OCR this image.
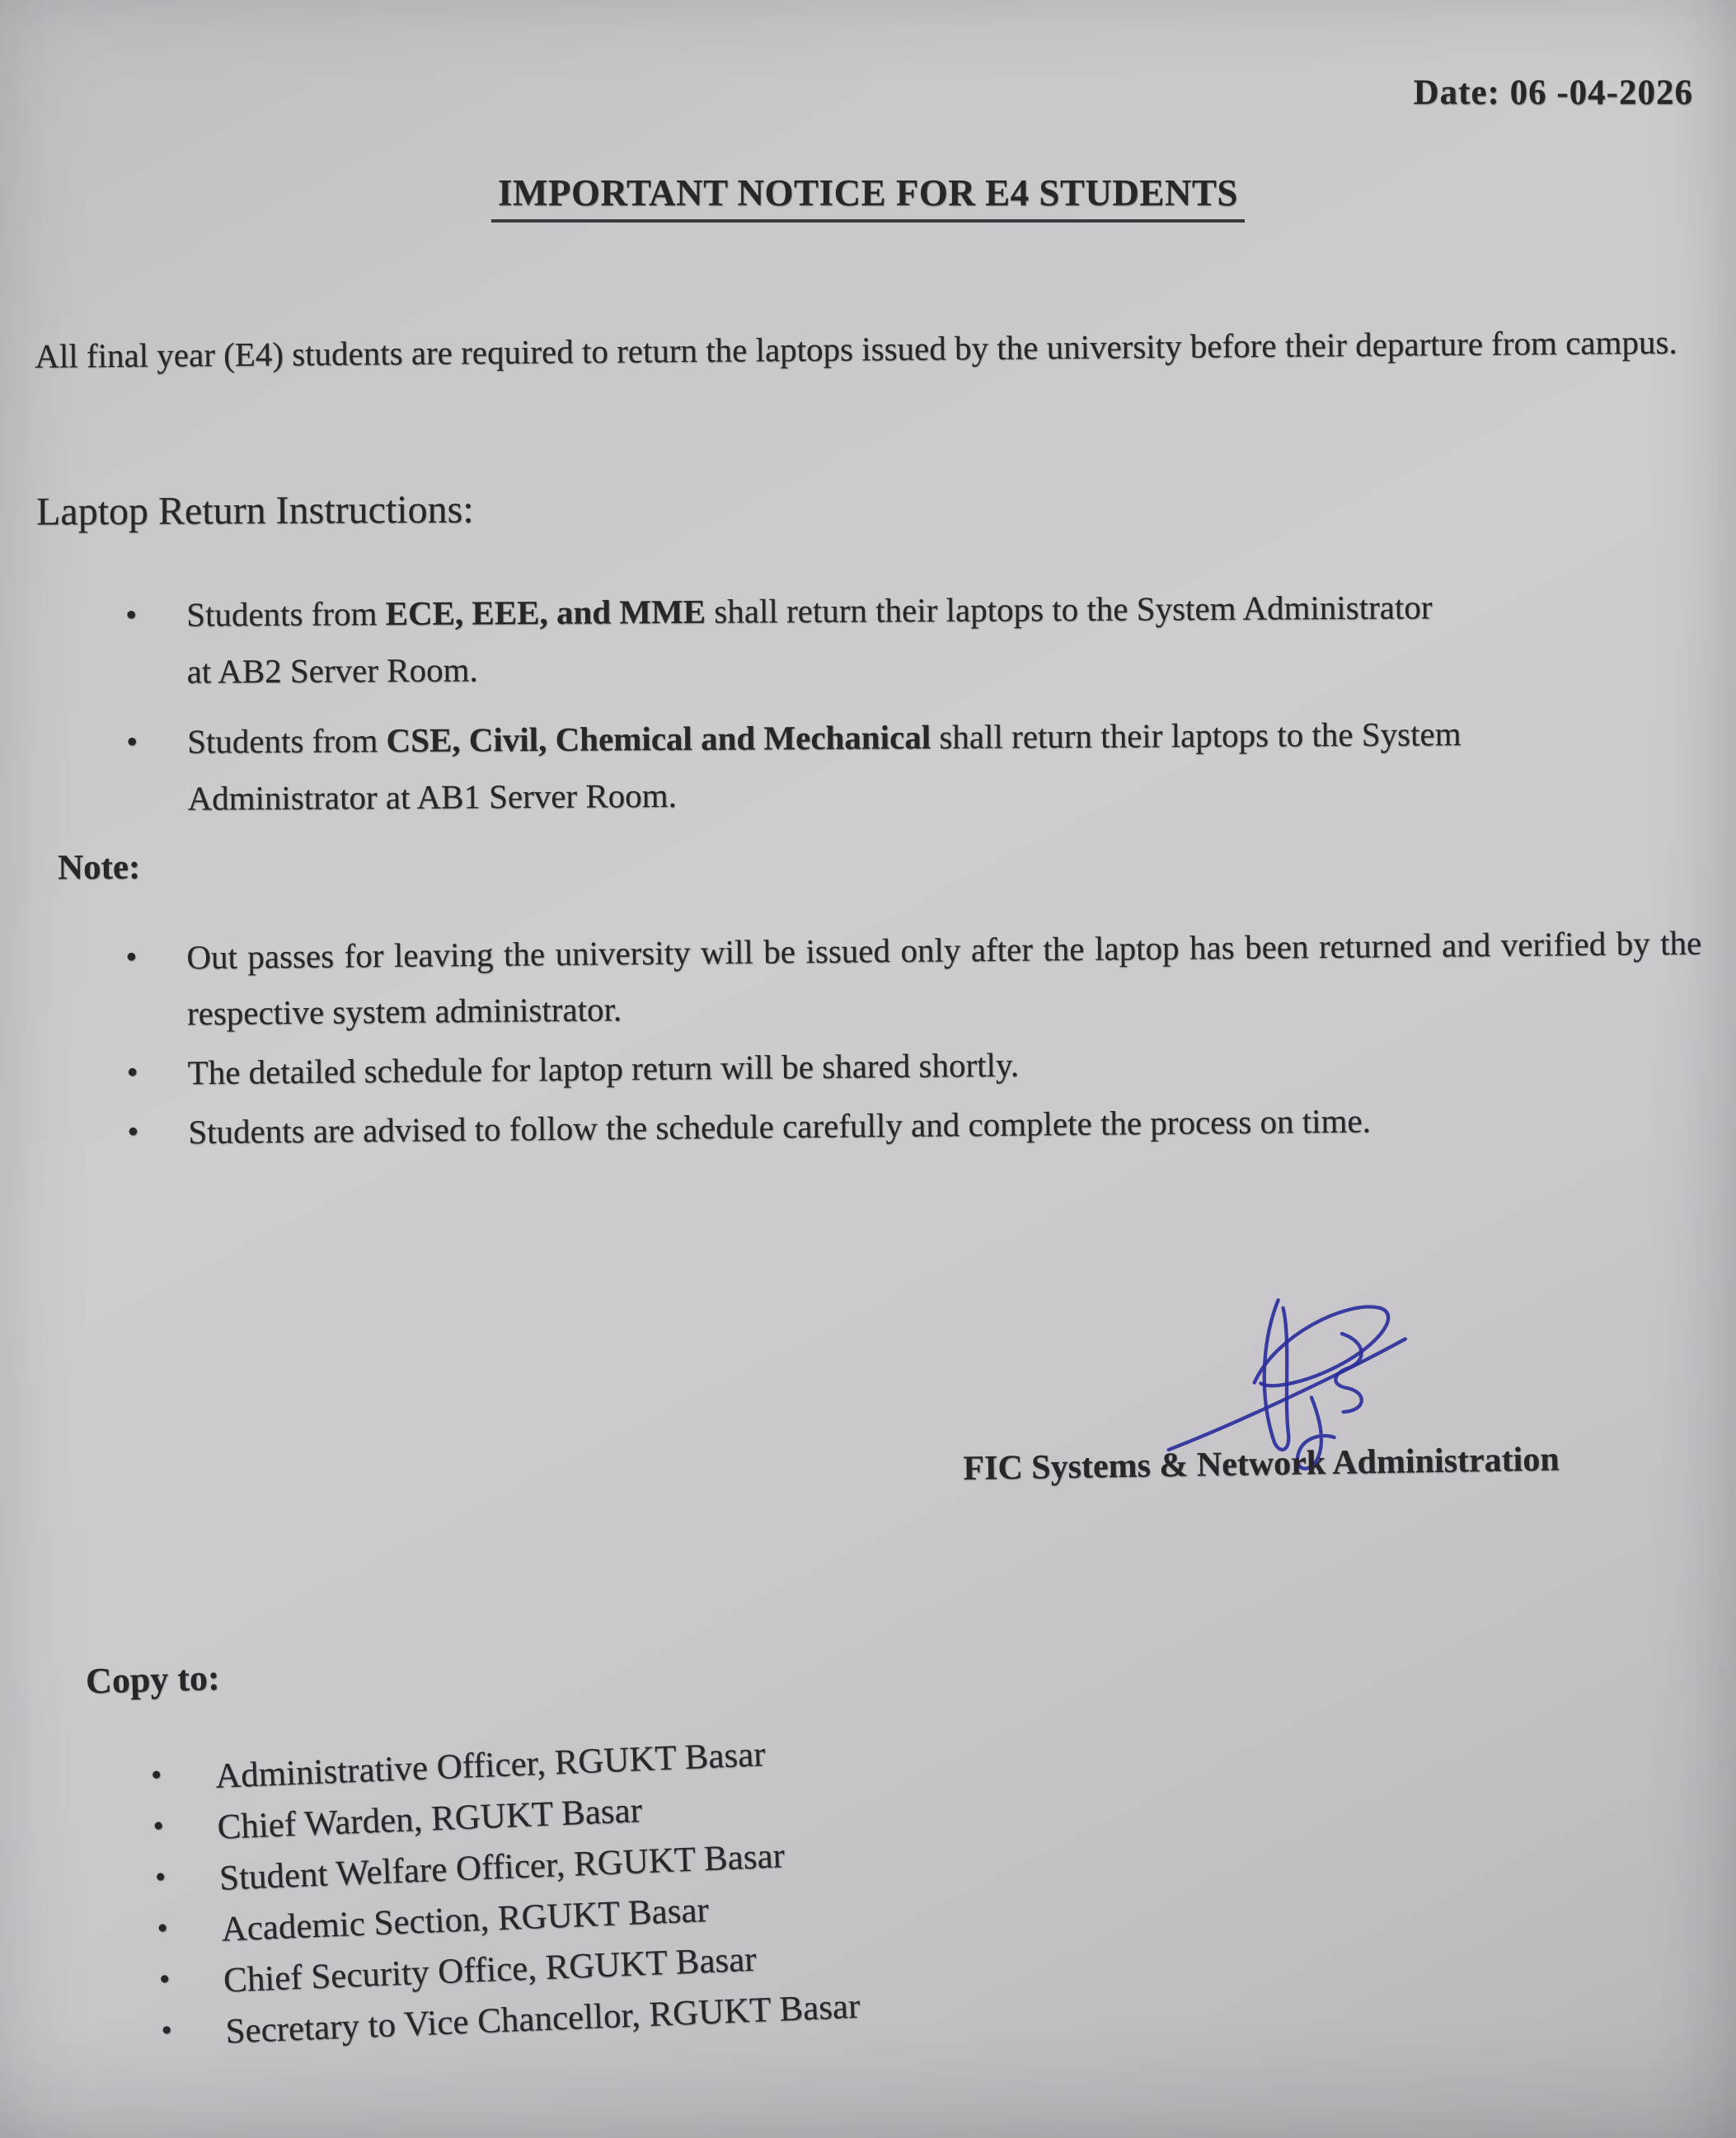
Date: 06 -04-2026
IMPORTANT NOTICE FOR E4 STUDENTS
All final year (E4) students are required to return the laptops issued by the university before their departure from campus.
Laptop Return Instructions:
•	Students from ECE, EEE, and MME shall return their laptops to the System Administrator at AB2 Server Room.
•	Students from CSE, Civil, Chemical and Mechanical shall return their laptops to the System Administrator at AB1 Server Room.
Note:
•	Out passes for leaving the university will be issued only after the laptop has been returned and verified by the respective system administrator.
•	The detailed schedule for laptop return will be shared shortly.
•	Students are advised to follow the schedule carefully and complete the process on time.
FIC Systems & Network Administration
Copy to:
•	Administrative Officer, RGUKT Basar
•	Chief Warden, RGUKT Basar
•	Student Welfare Officer, RGUKT Basar
•	Academic Section, RGUKT Basar
•	Chief Security Office, RGUKT Basar
•	Secretary to Vice Chancellor, RGUKT Basar
